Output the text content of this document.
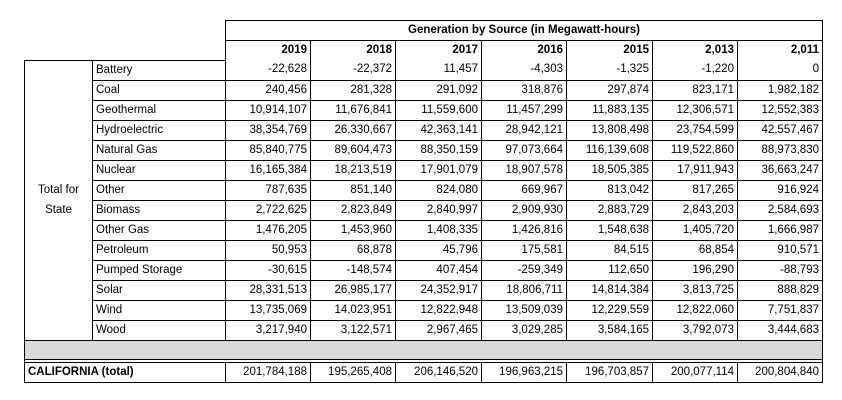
		Generation by Source (in Megawatt-hours)						
		2019	2018	2017	2016	2015	2,013	2,011

Total for
State	Battery	-22,628	-22,372	11,457	-4,303	-1,325	-1,220	0
	Coal	240,456	281,328	291,092	318,876	297,874	823,171	1,982,182
	Geothermal	10,914,107	11,676,841	11,559,600	11,457,299	11,883,135	12,306,571	12,552,383
	Hydroelectric	38,354,769	26,330,667	42,363,141	28,942,121	13,808,498	23,754,599	42,557,467
	Natural Gas	85,840,775	89,604,473	88,350,159	97,073,664	116,139,608	119,522,860	88,973,830
	Nuclear	16,165,384	18,213,519	17,901,079	18,907,578	18,505,385	17,911,943	36,663,247
	Other	787,635	851,140	824,080	669,967	813,042	817,265	916,924
	Biomass	2,722,625	2,823,849	2,840,997	2,909,930	2,883,729	2,843,203	2,584,693
	Other Gas	1,476,205	1,453,960	1,408,335	1,426,816	1,548,638	1,405,720	1,666,987
	Petroleum	50,953	68,878	45,796	175,581	84,515	68,854	910,571
	Pumped Storage	-30,615	-148,574	407,454	-259,349	112,650	196,290	-88,793
	Solar	28,331,513	26,985,177	24,352,917	18,806,711	14,814,384	3,813,725	888,829
	Wind	13,735,069	14,023,951	12,822,948	13,509,039	12,229,559	12,822,060	7,751,837
	Wood	3,217,940	3,122,571	2,967,465	3,029,285	3,584,165	3,792,073	3,444,683

CALIFORNIA (total)		201,784,188	195,265,408	206,146,520	196,963,215	196,703,857	200,077,114	200,804,840
